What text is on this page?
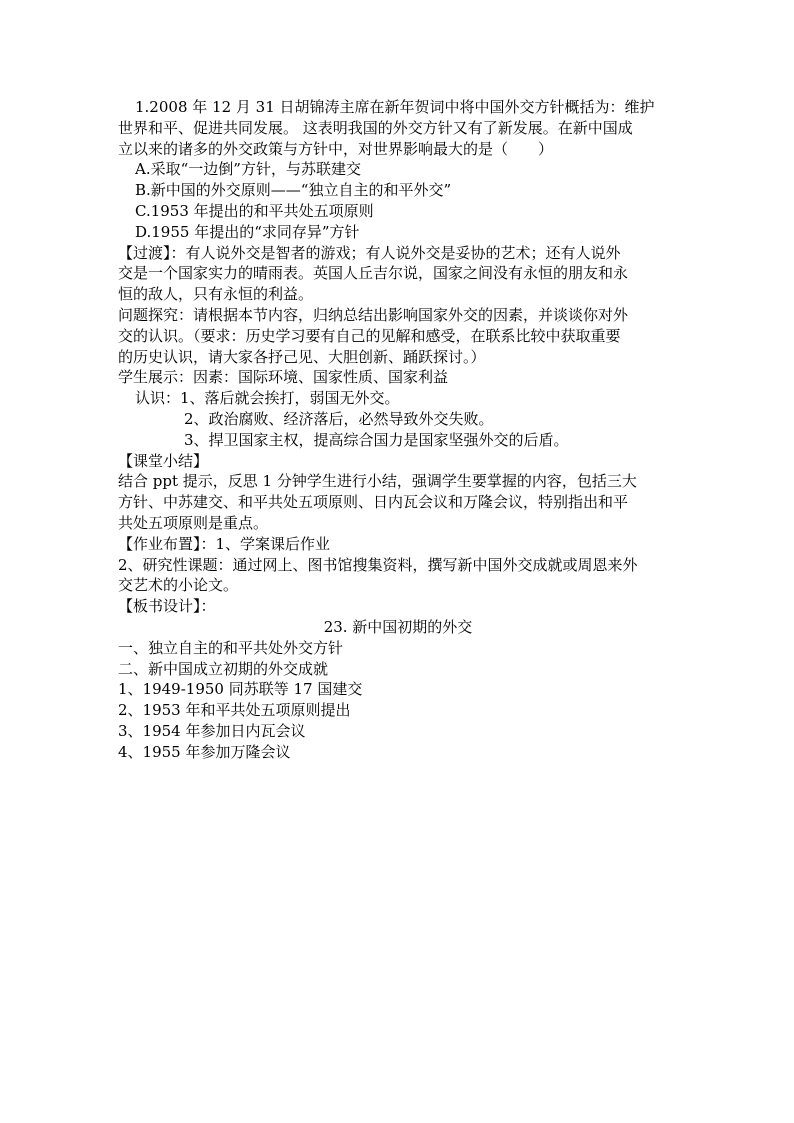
1.2008 年 12 月 31 日胡锦涛主席在新年贺词中将中国外交方针概括为：维护
世界和平、促进共同发展。 这表明我国的外交方针又有了新发展。在新中国成
立以来的诸多的外交政策与方针中，对世界影响最大的是（　　）
A.采取“一边倒”方针，与苏联建交
B.新中国的外交原则——“独立自主的和平外交”
C.1953 年提出的和平共处五项原则
D.1955 年提出的“求同存异”方针
【过渡】：有人说外交是智者的游戏；有人说外交是妥协的艺术；还有人说外
交是一个国家实力的晴雨表。英国人丘吉尔说，国家之间没有永恒的朋友和永
恒的敌人，只有永恒的利益。
问题探究：请根据本节内容，归纳总结出影响国家外交的因素，并谈谈你对外
交的认识。（要求：历史学习要有自己的见解和感受，在联系比较中获取重要
的历史认识，请大家各抒己见、大胆创新、踊跃探讨。）
学生展示：因素：国际环境、国家性质、国家利益
认识：1、落后就会挨打，弱国无外交。
2、政治腐败、经济落后，必然导致外交失败。
3、捍卫国家主权，提高综合国力是国家坚强外交的后盾。
【课堂小结】
结合 ppt 提示，反思 1 分钟学生进行小结，强调学生要掌握的内容，包括三大
方针、中苏建交、和平共处五项原则、日内瓦会议和万隆会议，特别指出和平
共处五项原则是重点。
【作业布置】：1、学案课后作业
2、研究性课题：通过网上、图书馆搜集资料，撰写新中国外交成就或周恩来外
交艺术的小论文。
【板书设计】：
23. 新中国初期的外交
一、独立自主的和平共处外交方针
二、新中国成立初期的外交成就
1、1949-1950 同苏联等 17 国建交
2、1953 年和平共处五项原则提出
3、1954 年参加日内瓦会议
4、1955 年参加万隆会议
